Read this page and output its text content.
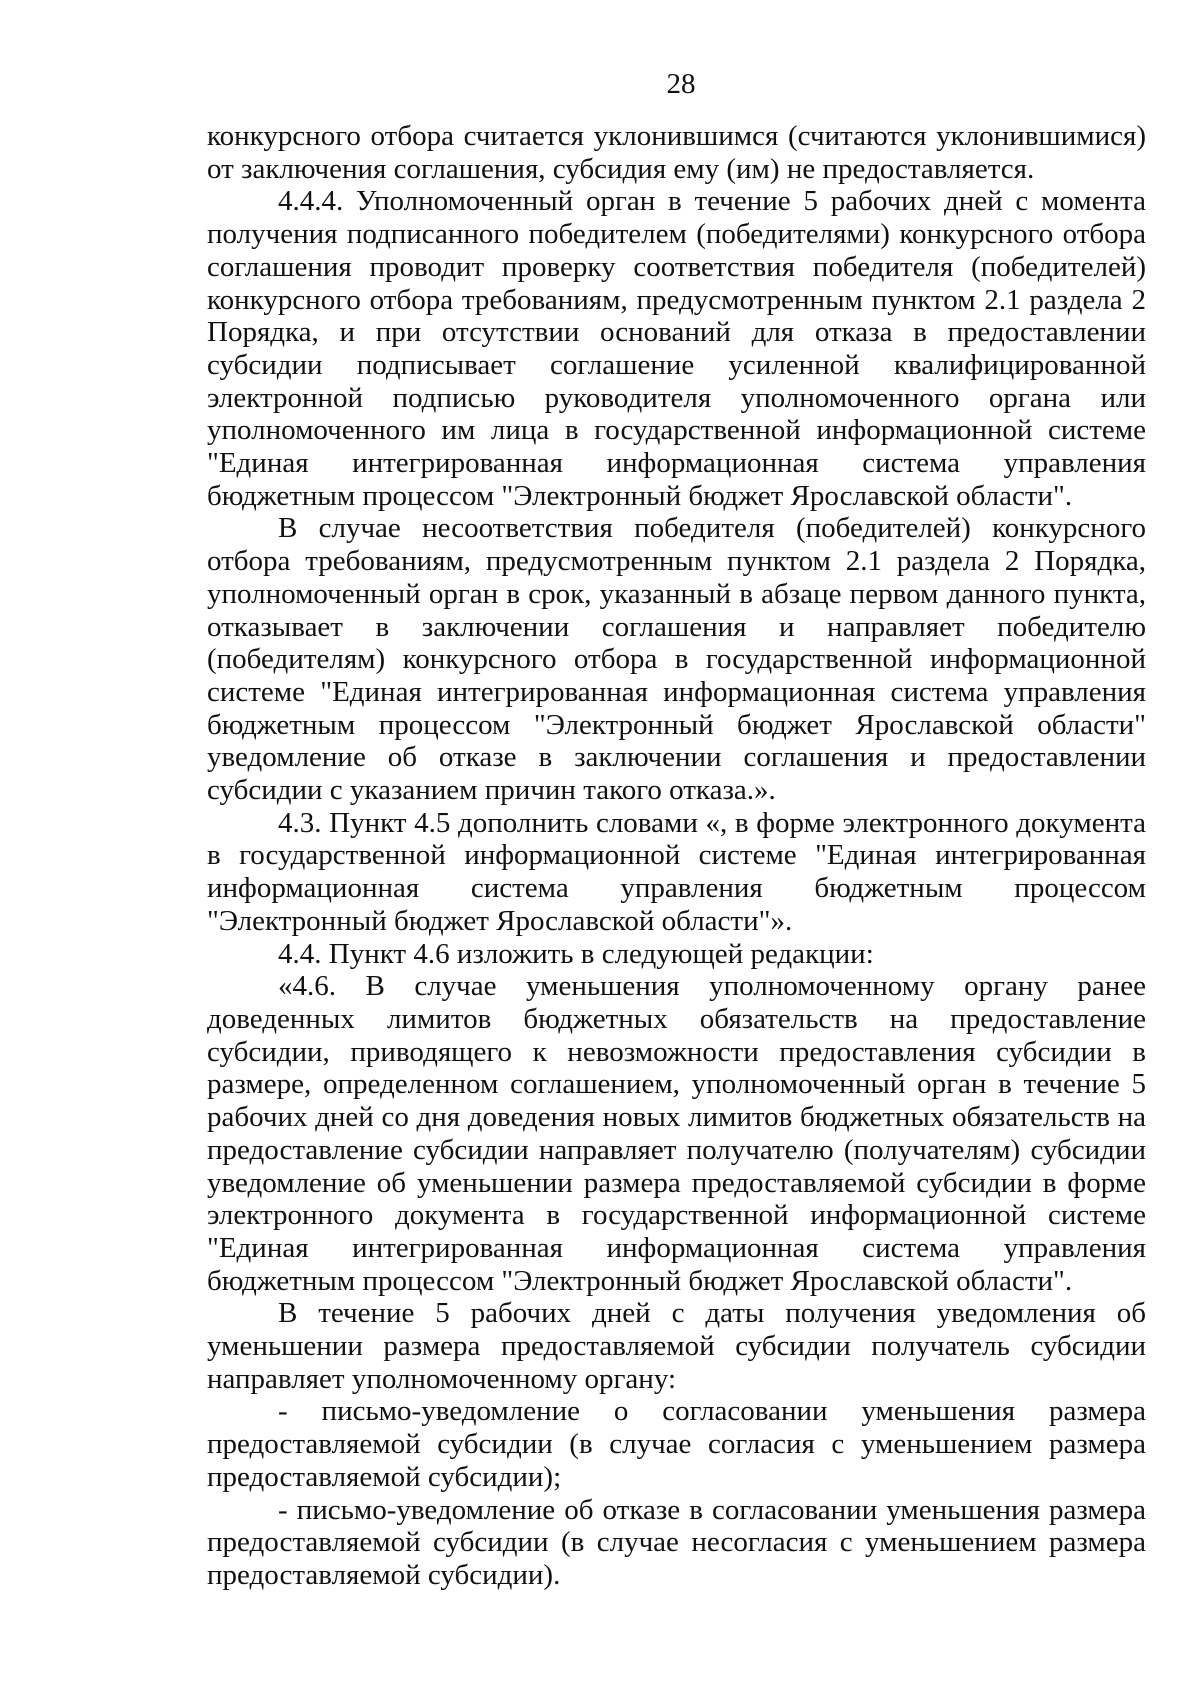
28

конкурсного отбора считается уклонившимся (считаются уклонившимися) от заключения соглашения, субсидия ему (им) не предоставляется.

4.4.4. Уполномоченный орган в течение 5 рабочих дней с момента получения подписанного победителем (победителями) конкурсного отбора соглашения проводит проверку соответствия победителя (победителей) конкурсного отбора требованиям, предусмотренным пунктом 2.1 раздела 2 Порядка, и при отсутствии оснований для отказа в предоставлении субсидии подписывает соглашение усиленной квалифицированной электронной подписью руководителя уполномоченного органа или уполномоченного им лица в государственной информационной системе "Единая интегрированная информационная система управления бюджетным процессом "Электронный бюджет Ярославской области".

В случае несоответствия победителя (победителей) конкурсного отбора требованиям, предусмотренным пунктом 2.1 раздела 2 Порядка, уполномоченный орган в срок, указанный в абзаце первом данного пункта, отказывает в заключении соглашения и направляет победителю (победителям) конкурсного отбора в государственной информационной системе "Единая интегрированная информационная система управления бюджетным процессом "Электронный бюджет Ярославской области" уведомление об отказе в заключении соглашения и предоставлении субсидии с указанием причин такого отказа.».

4.3. Пункт 4.5 дополнить словами «, в форме электронного документа в государственной информационной системе "Единая интегрированная информационная система управления бюджетным процессом "Электронный бюджет Ярославской области"».

4.4. Пункт 4.6 изложить в следующей редакции:

«4.6. В случае уменьшения уполномоченному органу ранее доведенных лимитов бюджетных обязательств на предоставление субсидии, приводящего к невозможности предоставления субсидии в размере, определенном соглашением, уполномоченный орган в течение 5 рабочих дней со дня доведения новых лимитов бюджетных обязательств на предоставление субсидии направляет получателю (получателям) субсидии уведомление об уменьшении размера предоставляемой субсидии в форме электронного документа в государственной информационной системе "Единая интегрированная информационная система управления бюджетным процессом "Электронный бюджет Ярославской области".

В течение 5 рабочих дней с даты получения уведомления об уменьшении размера предоставляемой субсидии получатель субсидии направляет уполномоченному органу:

- письмо-уведомление о согласовании уменьшения размера предоставляемой субсидии (в случае согласия с уменьшением размера предоставляемой субсидии);

- письмо-уведомление об отказе в согласовании уменьшения размера предоставляемой субсидии (в случае несогласия с уменьшением размера предоставляемой субсидии).
